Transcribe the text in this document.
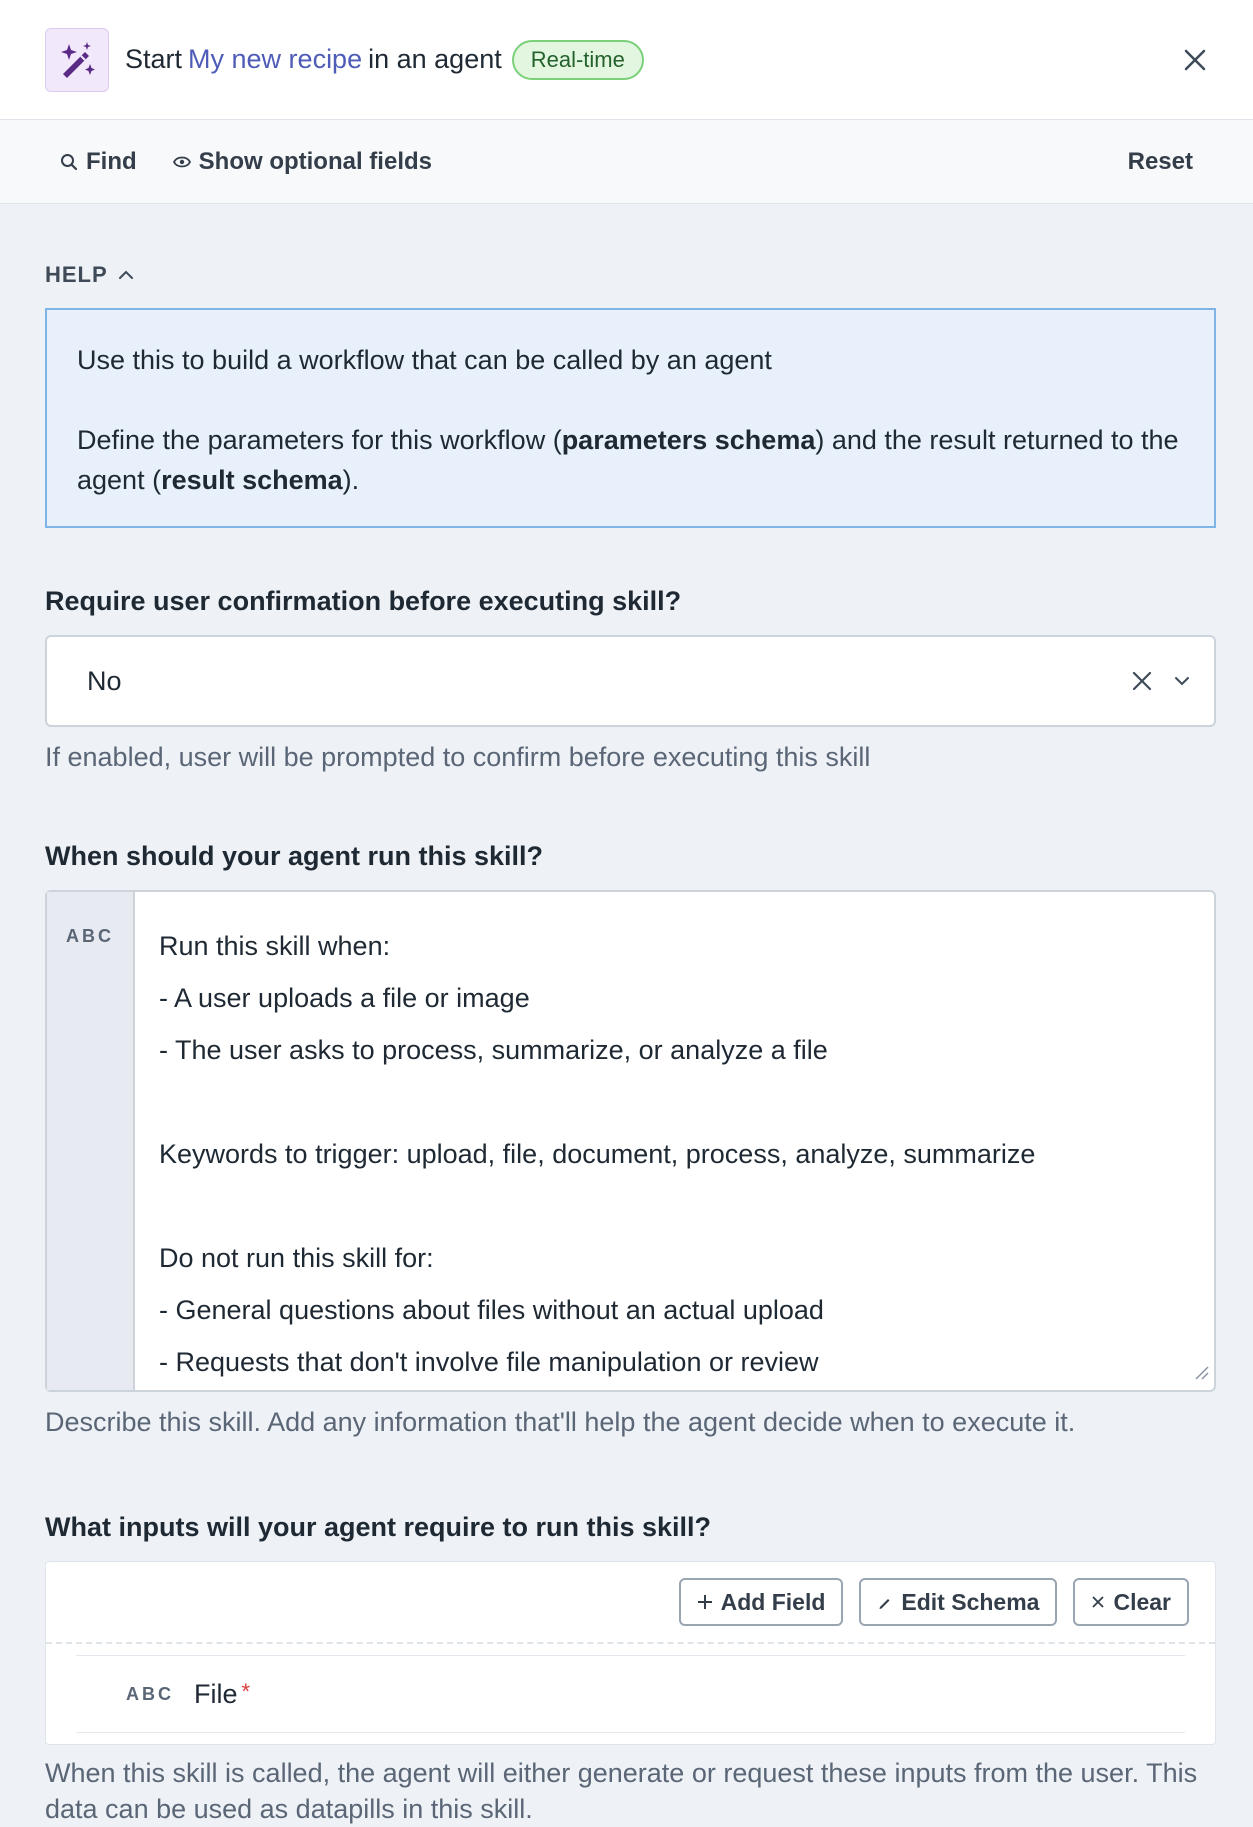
Start My new recipe in an agent	Real-time
Find	Show optional fields	Reset
HELP

Use this to build a workflow that can be called by an agent

Define the parameters for this workflow (parameters schema) and the result returned to the agent (result schema).

Require user confirmation before executing skill?
No
If enabled, user will be prompted to confirm before executing this skill
When should your agent run this skill?
ABC	Run this skill when:
- A user uploads a file or image
- The user asks to process, summarize, or analyze a file
Keywords to trigger: upload, file, document, process, analyze, summarize
Do not run this skill for:
- General questions about files without an actual upload
- Requests that don't involve file manipulation or review
Describe this skill. Add any information that'll help the agent decide when to execute it.
What inputs will your agent require to run this skill?
Add Field	Edit Schema	Clear
ABC File *
When this skill is called, the agent will either generate or request these inputs from the user. This data can be used as datapills in this skill.
